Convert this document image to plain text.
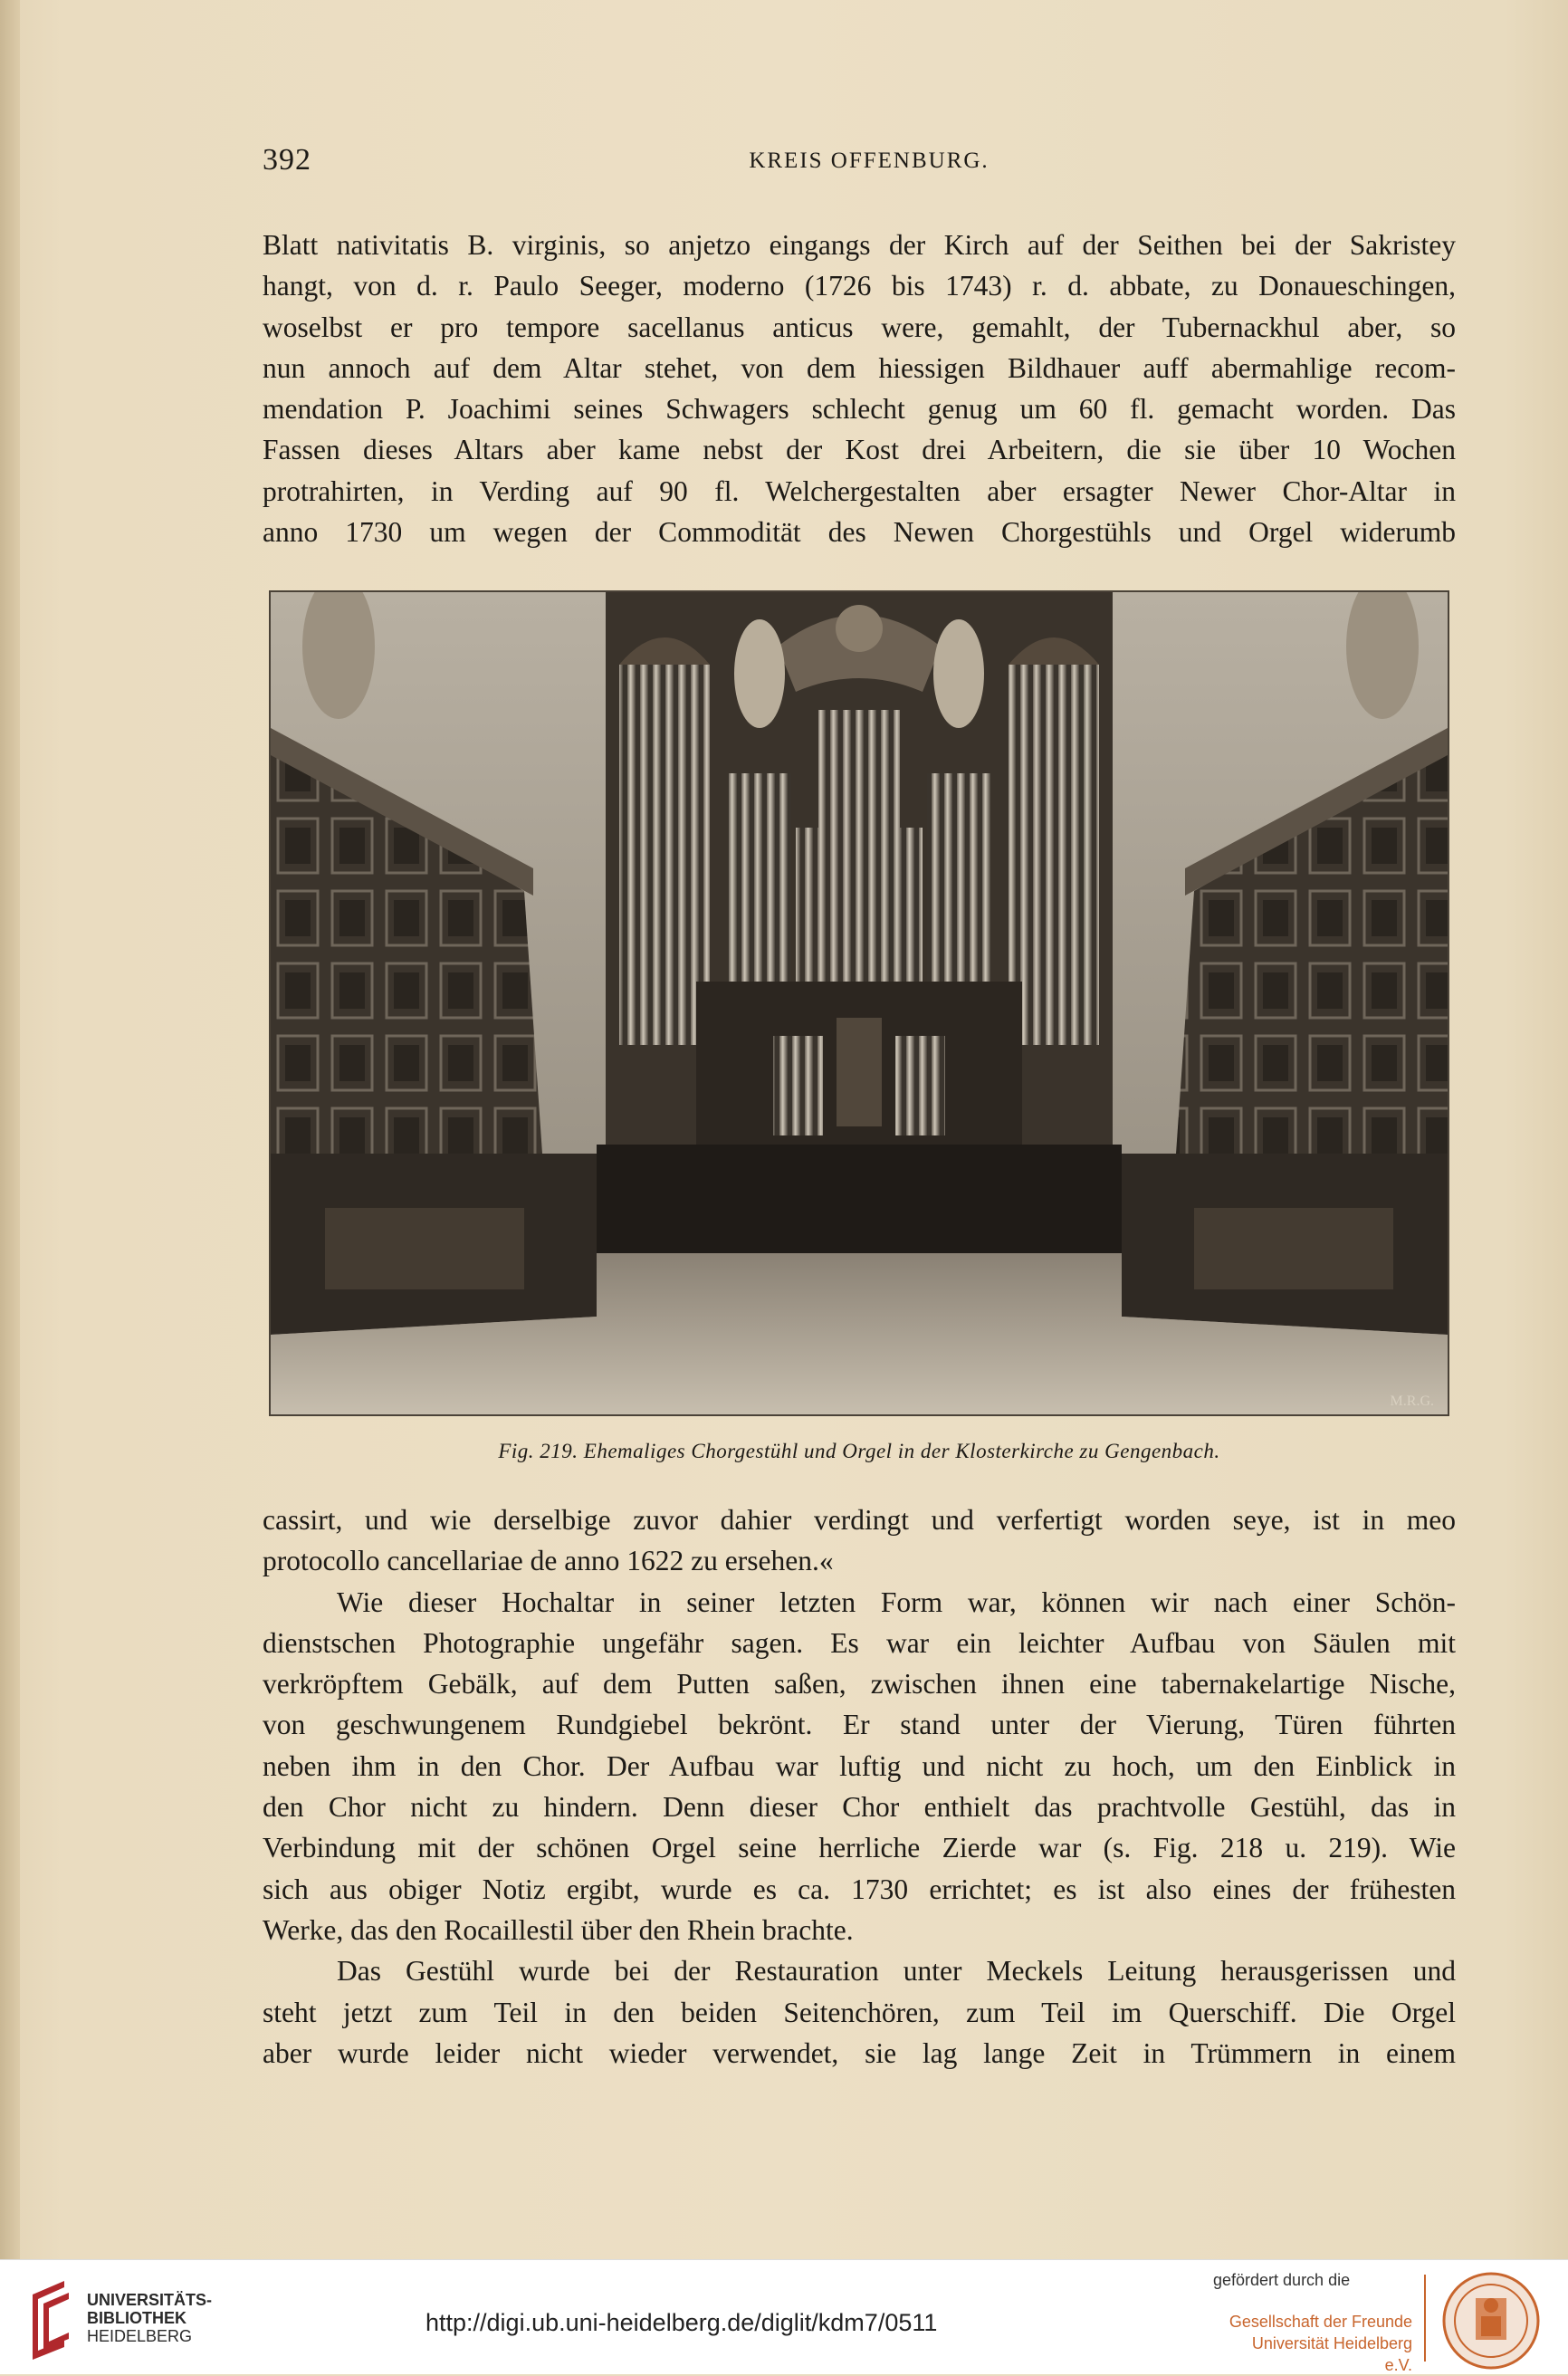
392	KREIS OFFENBURG.
Blatt nativitatis B. virginis, so anjetzo eingangs der Kirch auf der Seithen bei der Sakristey
hangt, von d. r. Paulo Seeger, moderno (1726 bis 1743) r. d. abbate, zu Donaueschingen,
woselbst er pro tempore sacellanus anticus were, gemahlt, der Tubernackhul aber, so
nun annoch auf dem Altar stehet, von dem hiessigen Bildhauer auff abermahlige recom-
mendation P. Joachimi seines Schwagers schlecht genug um 60 fl. gemacht worden. Das
Fassen dieses Altars aber kame nebst der Kost drei Arbeitern, die sie über 10 Wochen
protrahirten, in Verding auf 90 fl. Welchergestalten aber ersagter Newer Chor-Altar in
anno 1730 um wegen der Commodität des Newen Chorgestühls und Orgel widerumb
M.R.G.
Fig. 219. Ehemaliges Chorgestühl und Orgel in der Klosterkirche zu Gengenbach.
cassirt, und wie derselbige zuvor dahier verdingt und verfertigt worden seye, ist in meo
protocollo cancellariae de anno 1622 zu ersehen.«
Wie dieser Hochaltar in seiner letzten Form war, können wir nach einer Schön-
dienstschen Photographie ungefähr sagen. Es war ein leichter Aufbau von Säulen mit
verkröpftem Gebälk, auf dem Putten saßen, zwischen ihnen eine tabernakelartige Nische,
von geschwungenem Rundgiebel bekrönt. Er stand unter der Vierung, Türen führten
neben ihm in den Chor. Der Aufbau war luftig und nicht zu hoch, um den Einblick in
den Chor nicht zu hindern. Denn dieser Chor enthielt das prachtvolle Gestühl, das in
Verbindung mit der schönen Orgel seine herrliche Zierde war (s. Fig. 218 u. 219). Wie
sich aus obiger Notiz ergibt, wurde es ca. 1730 errichtet; es ist also eines der frühesten
Werke, das den Rocaillestil über den Rhein brachte.
Das Gestühl wurde bei der Restauration unter Meckels Leitung herausgerissen und
steht jetzt zum Teil in den beiden Seitenchören, zum Teil im Querschiff. Die Orgel
aber wurde leider nicht wieder verwendet, sie lag lange Zeit in Trümmern in einem
UNIVERSITÄTS-
BIBLIOTHEK
HEIDELBERG	http://digi.ub.uni-heidelberg.de/diglit/kdm7/0511
gefördert durch die
Gesellschaft der Freunde
Universität Heidelberg e.V.
